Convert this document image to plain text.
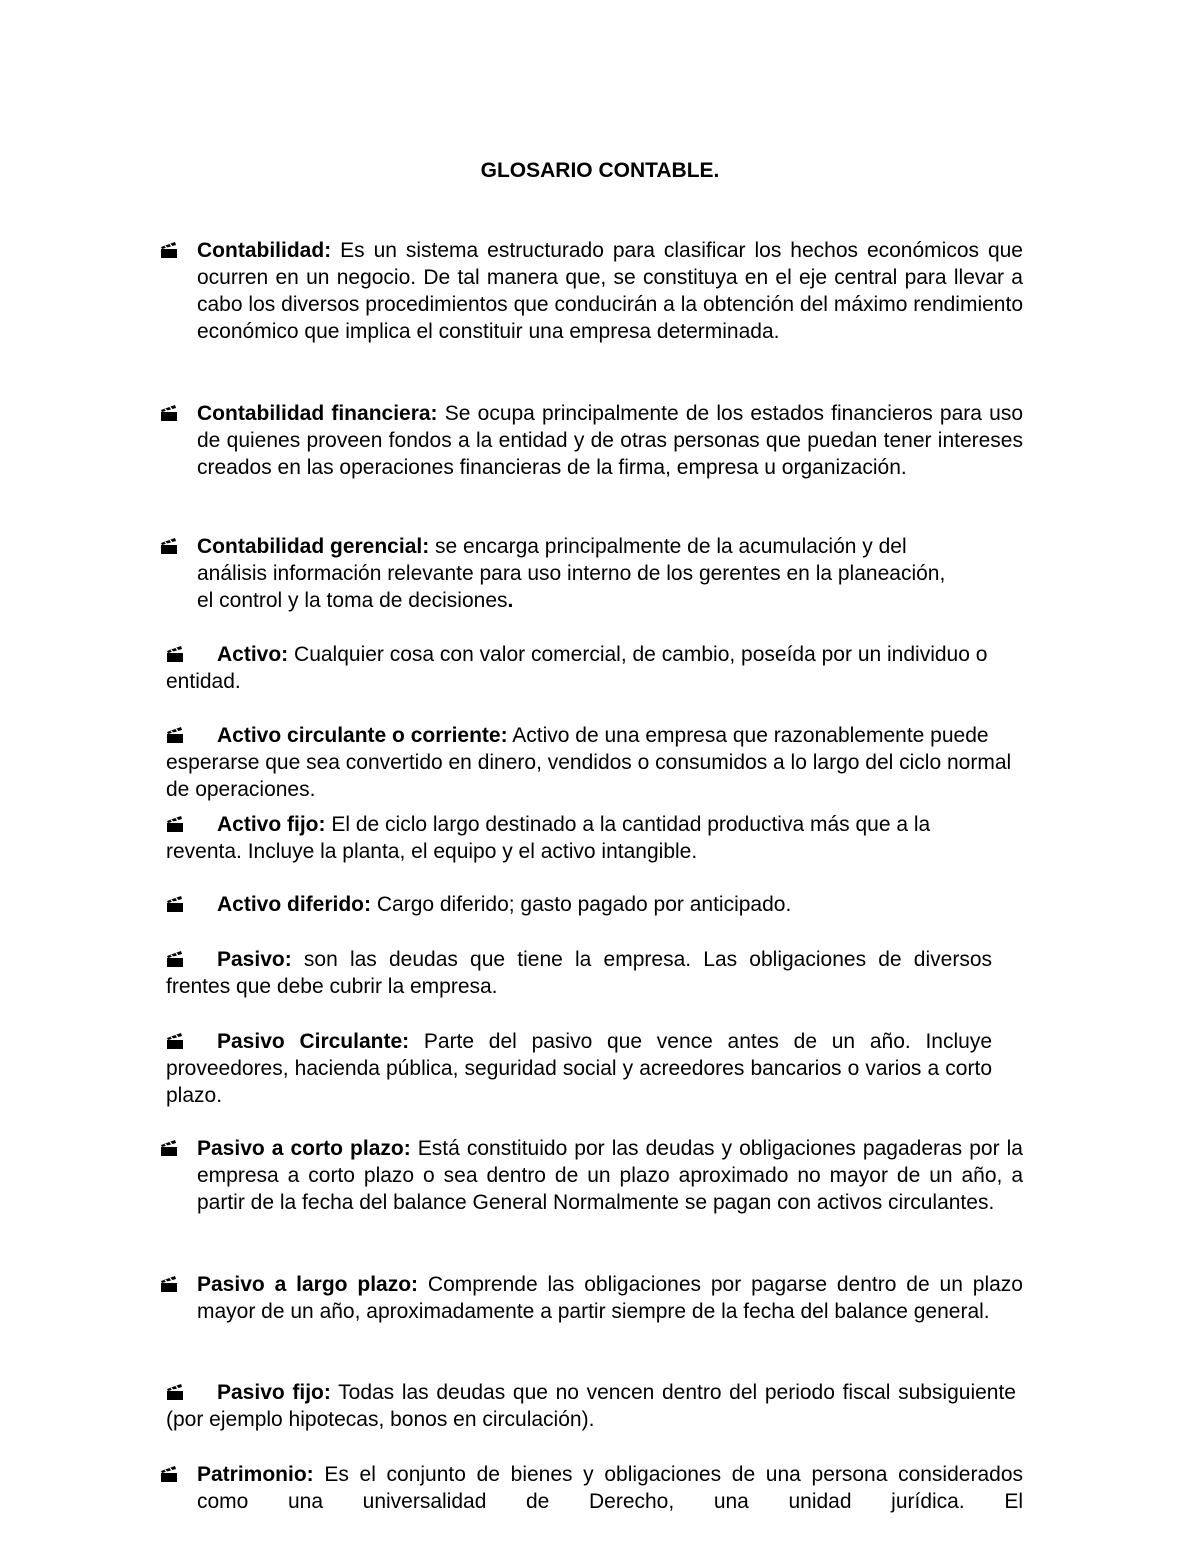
GLOSARIO CONTABLE.

Contabilidad: Es un sistema estructurado para clasificar los hechos económicos que ocurren en un negocio. De tal manera que, se constituya en el eje central para llevar a cabo los diversos procedimientos que conducirán a la obtención del máximo rendimiento económico que implica el constituir una empresa determinada.

Contabilidad financiera: Se ocupa principalmente de los estados financieros para uso de quienes proveen fondos a la entidad y de otras personas que puedan tener intereses creados en las operaciones financieras de la firma, empresa u organización.

Contabilidad gerencial: se encarga principalmente de la acumulación y del análisis información relevante para uso interno de los gerentes en la planeación, el control y la toma de decisiones.

Activo: Cualquier cosa con valor comercial, de cambio, poseída por un individuo o entidad.

Activo circulante o corriente: Activo de una empresa que razonablemente puede esperarse que sea convertido en dinero, vendidos o consumidos a lo largo del ciclo normal de operaciones.

Activo fijo: El de ciclo largo destinado a la cantidad productiva más que a la reventa. Incluye la planta, el equipo y el activo intangible.

Activo diferido: Cargo diferido; gasto pagado por anticipado.

Pasivo: son las deudas que tiene la empresa. Las obligaciones de diversos frentes que debe cubrir la empresa.

Pasivo Circulante: Parte del pasivo que vence antes de un año. Incluye proveedores, hacienda pública, seguridad social y acreedores bancarios o varios a corto plazo.

Pasivo a corto plazo: Está constituido por las deudas y obligaciones pagaderas por la empresa a corto plazo o sea dentro de un plazo aproximado no mayor de un año, a partir de la fecha del balance General Normalmente se pagan con activos circulantes.

Pasivo a largo plazo: Comprende las obligaciones por pagarse dentro de un plazo mayor de un año, aproximadamente a partir siempre de la fecha del balance general.

Pasivo fijo: Todas las deudas que no vencen dentro del periodo fiscal subsiguiente (por ejemplo hipotecas, bonos en circulación).

Patrimonio: Es el conjunto de bienes y obligaciones de una persona considerados como una universalidad de Derecho, una unidad jurídica. El
